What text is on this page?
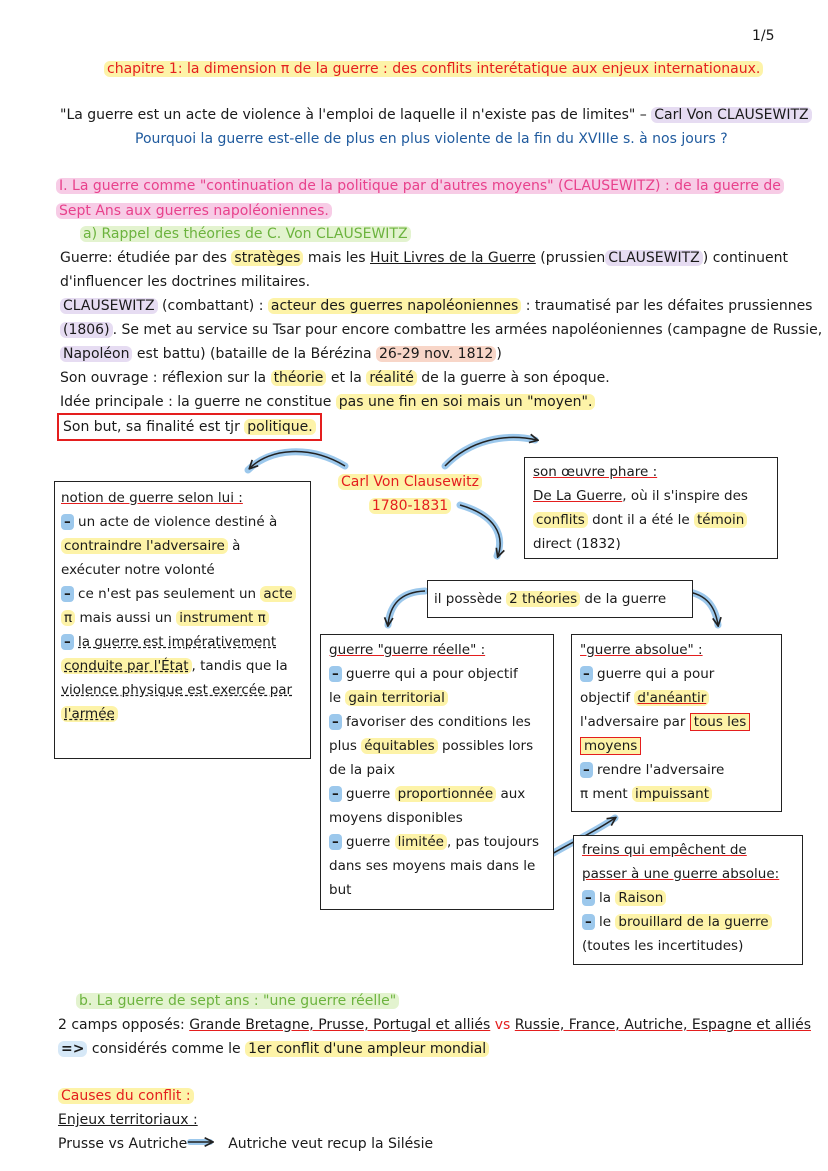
1/5
chapitre 1: la dimension π de la guerre : des conflits interétatique aux enjeux internationaux.
"La guerre est un acte de violence à l'emploi de laquelle il n'existe pas de limites" – Carl Von CLAUSEWITZ
Pourquoi la guerre est-elle de plus en plus violente de la fin du XVIIIe s. à nos jours ?
I. La guerre comme "continuation de la politique par d'autres moyens" (CLAUSEWITZ) : de la guerre de
Sept Ans aux guerres napoléoniennes.
a) Rappel des théories de C. Von CLAUSEWITZ
Guerre: étudiée par des stratèges mais les Huit Livres de la Guerre (prussien CLAUSEWITZ ) continuent
d'influencer les doctrines militaires.
CLAUSEWITZ (combattant) : acteur des guerres napoléoniennes : traumatisé par les défaites prussiennes
(1806) . Se met au service su Tsar pour encore combattre les armées napoléoniennes (campagne de Russie,
Napoléon est battu) (bataille de la Bérézina 26-29 nov. 1812 )
Son ouvrage : réflexion sur la théorie et la réalité de la guerre à son époque.
Idée principale : la guerre ne constitue pas une fin en soi mais un "moyen".
Son but, sa finalité est tjr politique.
Carl Von Clausewitz
1780-1831
notion de guerre selon lui :
– un acte de violence destiné à
contraindre l'adversaire à
exécuter notre volonté
– ce n'est pas seulement un acte
π mais aussi un instrument π
– la guerre est impérativement
conduite par l'État , tandis que la
violence physique est exercée par
l'armée
son œuvre phare :
De La Guerre, où il s'inspire des
conflits dont il a été le témoin
direct (1832)
il possède 2 théories de la guerre
guerre "guerre réelle" :
– guerre qui a pour objectif
le gain territorial
– favoriser des conditions les
plus équitables possibles lors
de la paix
– guerre proportionnée aux
moyens disponibles
– guerre limitée , pas toujours
dans ses moyens mais dans le
but
"guerre absolue" :
– guerre qui a pour
objectif d'anéantir
l'adversaire par tous les
moyens
– rendre l'adversaire
π ment impuissant
freins qui empêchent de
passer à une guerre absolue:
– la Raison
– le brouillard de la guerre
(toutes les incertitudes)
b. La guerre de sept ans : "une guerre réelle"
2 camps opposés: Grande Bretagne, Prusse, Portugal et alliés vs Russie, France, Autriche, Espagne et alliés
=> considérés comme le 1er conflit d'une ampleur mondial
Causes du conflit :
Enjeux territoriaux :
Prusse vs Autriche	Autriche veut recup la Silésie
